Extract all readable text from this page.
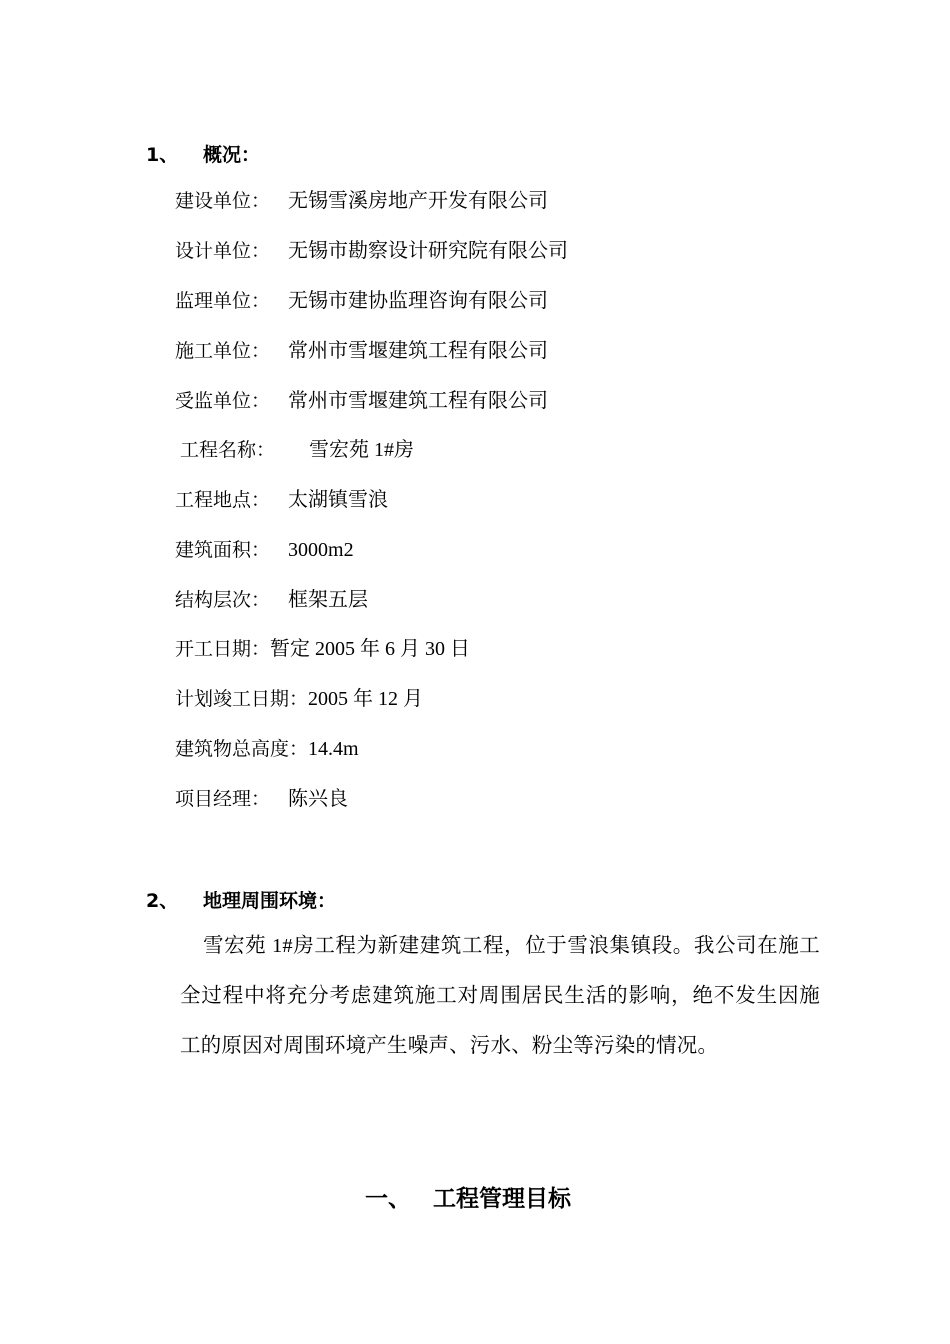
1、 概况：
建设单位： 无锡雪溪房地产开发有限公司
设计单位： 无锡市勘察设计研究院有限公司
监理单位： 无锡市建协监理咨询有限公司
施工单位： 常州市雪堰建筑工程有限公司
受监单位： 常州市雪堰建筑工程有限公司
工程名称： 雪宏苑 1#房
工程地点： 太湖镇雪浪
建筑面积： 3000m2
结构层次： 框架五层
开工日期：暂定 2005 年 6 月 30 日
计划竣工日期：2005 年 12 月
建筑物总高度：14.4m
项目经理： 陈兴良
2、 地理周围环境：
雪宏苑 1#房工程为新建建筑工程，位于雪浪集镇段。我公司在施工全过程中将充分考虑建筑施工对周围居民生活的影响，绝不发生因施工的原因对周围环境产生噪声、污水、粉尘等污染的情况。
一、 工程管理目标
